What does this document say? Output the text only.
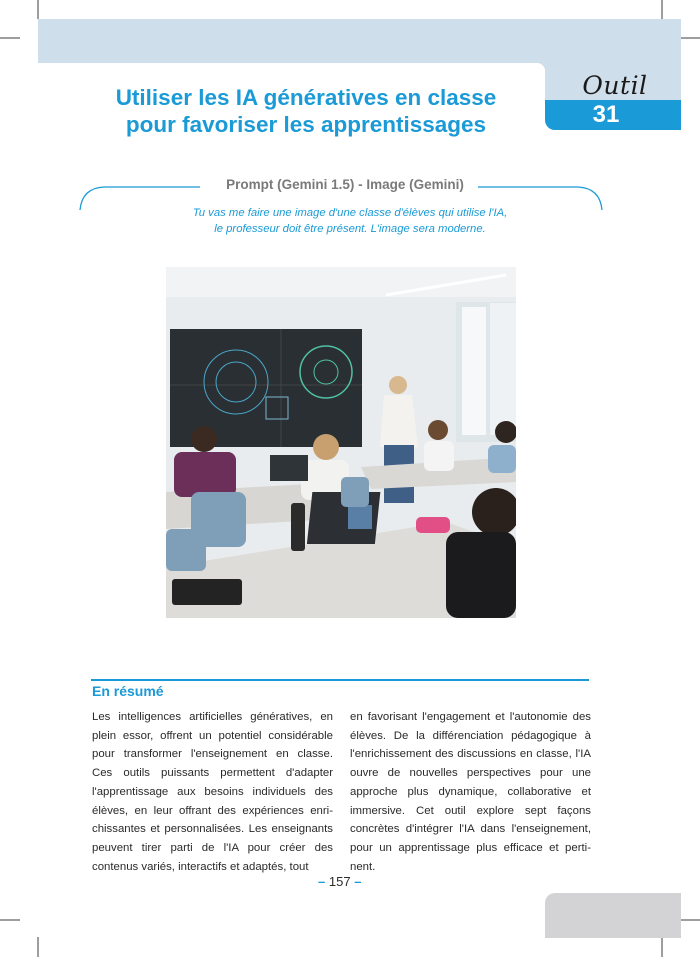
Outil
31
Utiliser les IA génératives en classe
pour favoriser les apprentissages
Prompt (Gemini 1.5) - Image (Gemini)
Tu vas me faire une image d'une classe d'élèves qui utilise l'IA,
le professeur doit être présent. L'image sera moderne.
En résumé
Les intelligences artificielles génératives, en plein essor, offrent un potentiel considérable pour transformer l'enseignement en classe. Ces outils puissants permettent d'adapter l'apprentissage aux besoins individuels des élèves, en leur offrant des expériences enrichissantes et personnalisées. Les enseignants peuvent tirer parti de l'IA pour créer des contenus variés, interactifs et adaptés, tout
en favorisant l'engagement et l'autonomie des élèves. De la différenciation pédagogique à l'enrichissement des discussions en classe, l'IA ouvre de nouvelles perspectives pour une approche plus dynamique, collaborative et immersive. Cet outil explore sept façons concrètes d'intégrer l'IA dans l'enseignement, pour un apprentissage plus efficace et pertinent.
– 157 –
